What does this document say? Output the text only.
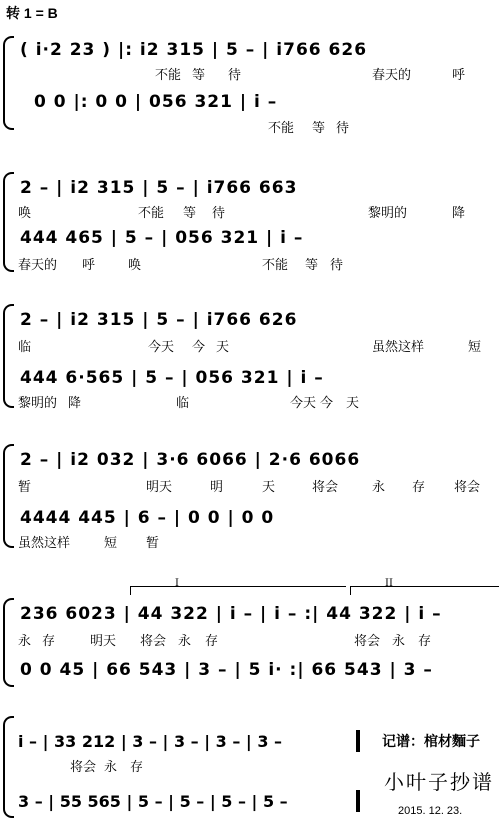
转 1 = B
( i·2 23 ) |: i2 315 | 5 – | i766 626
不能 等 待	春天的	呼
0 0 |: 0 0 | 056 321 | i –
不能 等 待
2 – | i2 315 | 5 – | i766 663
唤	不能 等 待	黎明的	降
444 465 | 5 – | 056 321 | i –
春天的 呼	唤	不能 等 待
2 – | i2 315 | 5 – | i766 626
临	今天 今 天	虽然这样	短
444 6·565 | 5 – | 056 321 | i –
黎明的 降	临	今天 今 天
2 – | i2 032 | 3·6 6066 | 2·6 6066
暂	明天	明	天	将会	永 存 将会
4444 445 | 6 – | 0 0 | 0 0
虽然这样	短 暂
I	II
236 6023 | 44 322 | i – | i – :| 44 322 | i –
永 存	明天 将会 永 存	将会 永 存
0 0 45 | 66 543 | 3 – | 5 i· :| 66 543 | 3 –
i – | 33 212 | 3 – | 3 – | 3 – | 3 –
将会 永 存
3 – | 55 565 | 5 – | 5 – | 5 – | 5 –
记谱：棺材麵子
小叶子抄谱
2015. 12. 23.
